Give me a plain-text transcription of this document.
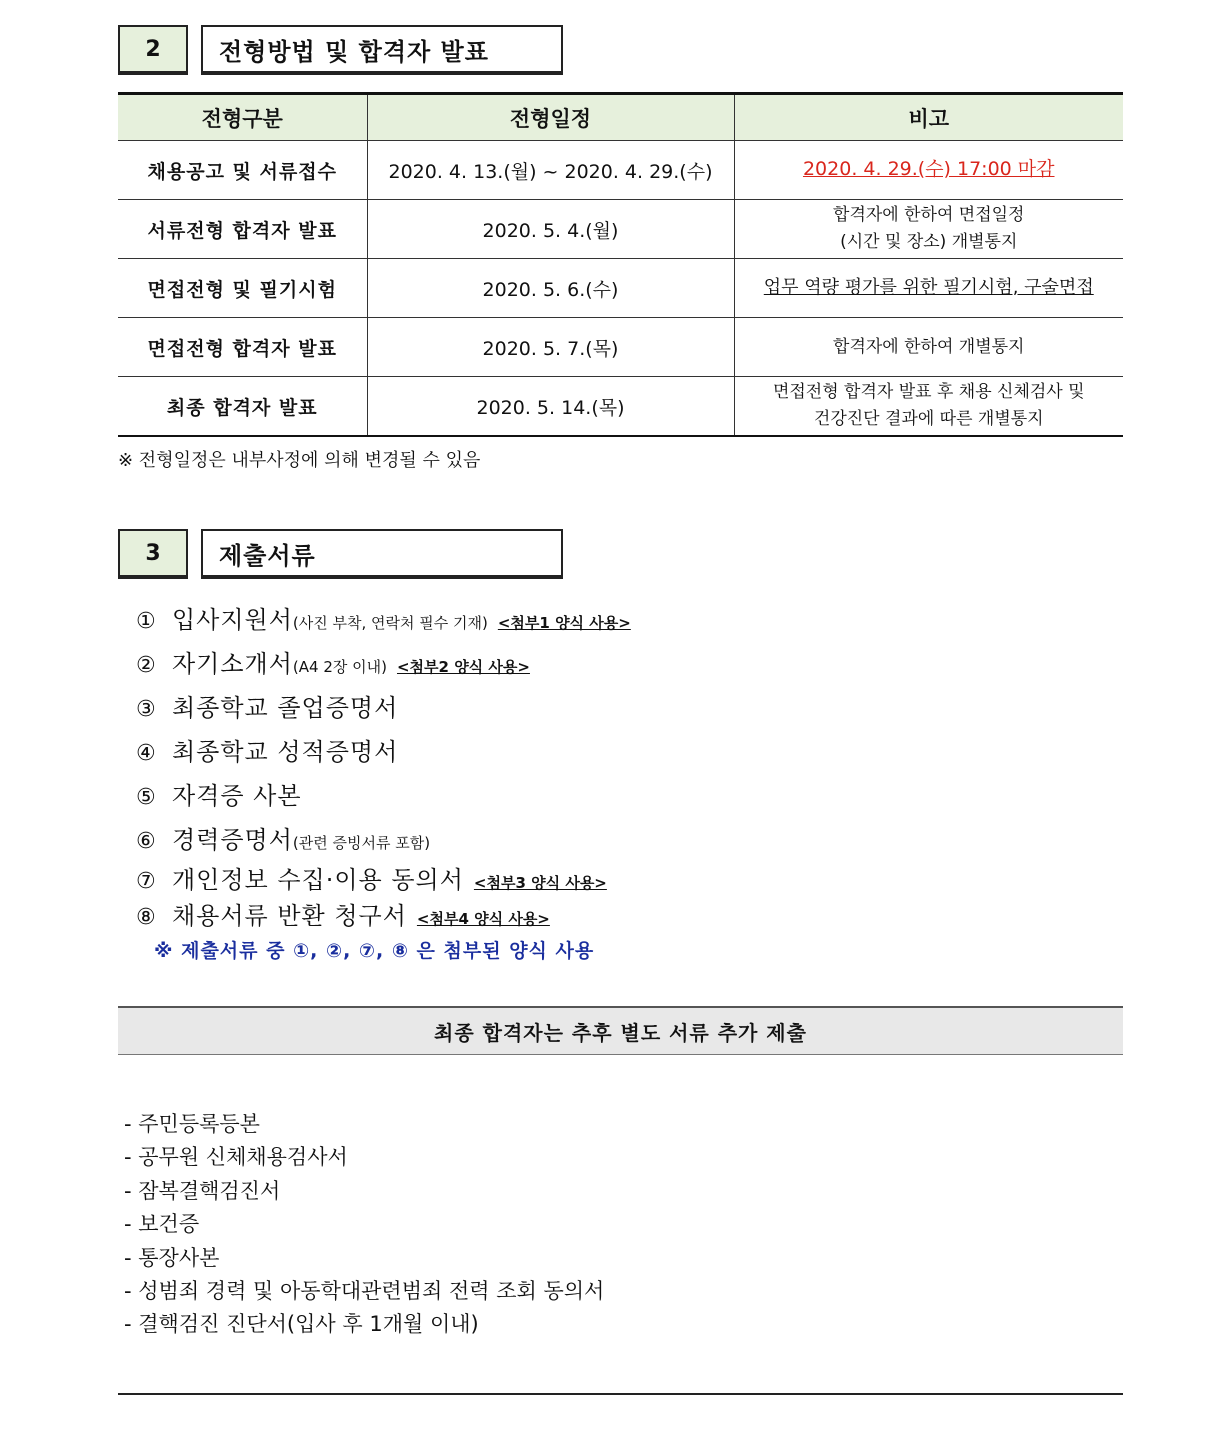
2	전형방법 및 합격자 발표
전형구분	전형일정	비고
채용공고 및 서류접수	2020. 4. 13.(월) ~ 2020. 4. 29.(수)	2020. 4. 29.(수) 17:00 마감
서류전형 합격자 발표	2020. 5. 4.(월)	합격자에 한하여 면접일정
(시간 및 장소) 개별통지
면접전형 및 필기시험	2020. 5. 6.(수)	업무 역량 평가를 위한 필기시험, 구술면접
면접전형 합격자 발표	2020. 5. 7.(목)	합격자에 한하여 개별통지
최종 합격자 발표	2020. 5. 14.(목)	면접전형 합격자 발표 후 채용 신체검사 및
건강진단 결과에 따른 개별통지
※ 전형일정은 내부사정에 의해 변경될 수 있음
3	제출서류
① 입사지원서 (사진 부착, 연락처 필수 기재) <첨부1 양식 사용>
② 자기소개서 (A4 2장 이내) <첨부2 양식 사용>
③ 최종학교 졸업증명서
④ 최종학교 성적증명서
⑤ 자격증 사본
⑥ 경력증명서 (관련 증빙서류 포함)
⑦ 개인정보 수집·이용 동의서 <첨부3 양식 사용>
⑧ 채용서류 반환 청구서 <첨부4 양식 사용>
※ 제출서류 중 ①, ②, ⑦, ⑧ 은 첨부된 양식 사용
최종 합격자는 추후 별도 서류 추가 제출
- 주민등록등본
- 공무원 신체채용검사서
- 잠복결핵검진서
- 보건증
- 통장사본
- 성범죄 경력 및 아동학대관련범죄 전력 조회 동의서
- 결핵검진 진단서(입사 후 1개월 이내)
